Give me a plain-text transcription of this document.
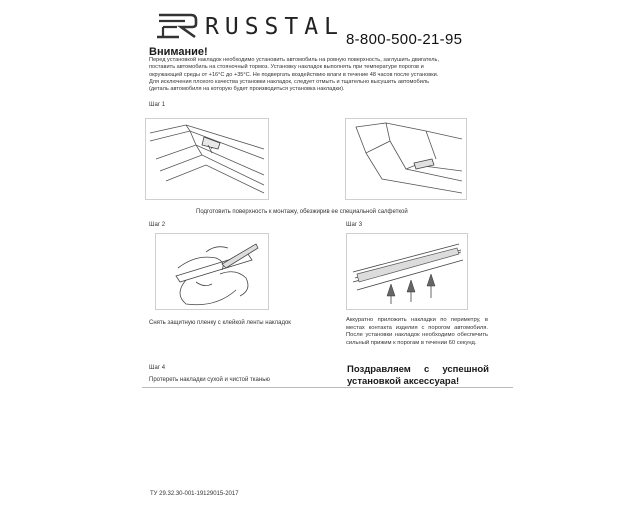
RUSSTAL 8-800-500-21-95
Внимание!
Перед установкой накладок необходимо установить автомобиль на ровную поверхность, заглушить двигатель,
поставить автомобиль на стояночный тормоз. Установку накладок выполнять при температуре порогов и
окружающей среды от +16°С до +35°С. Не подвергать воздействию влаги в течение 48 часов после установки.
Для исключения плохого качества установки накладок, следует отмыть и тщательно высушить автомобиль
(деталь автомобиля на которую будет производиться установка накладки).
Шаг 1
Подготовить поверхность к монтажу, обезжирив ее специальной салфеткой
Шаг 2
Снять защитную пленку с клейкой ленты накладок
Шаг 3
Аккуратно приложить накладки по периметру, в местах контакта изделия с порогом автомобиля. После установки накладок необходимо обеспечить сильный прижим к порогам в течении 60 секунд.
Шаг 4
Протереть накладки сухой и чистой тканью
Поздравляем с успешной установкой аксессуара!
ТУ 29.32.30-001-19129015-2017
